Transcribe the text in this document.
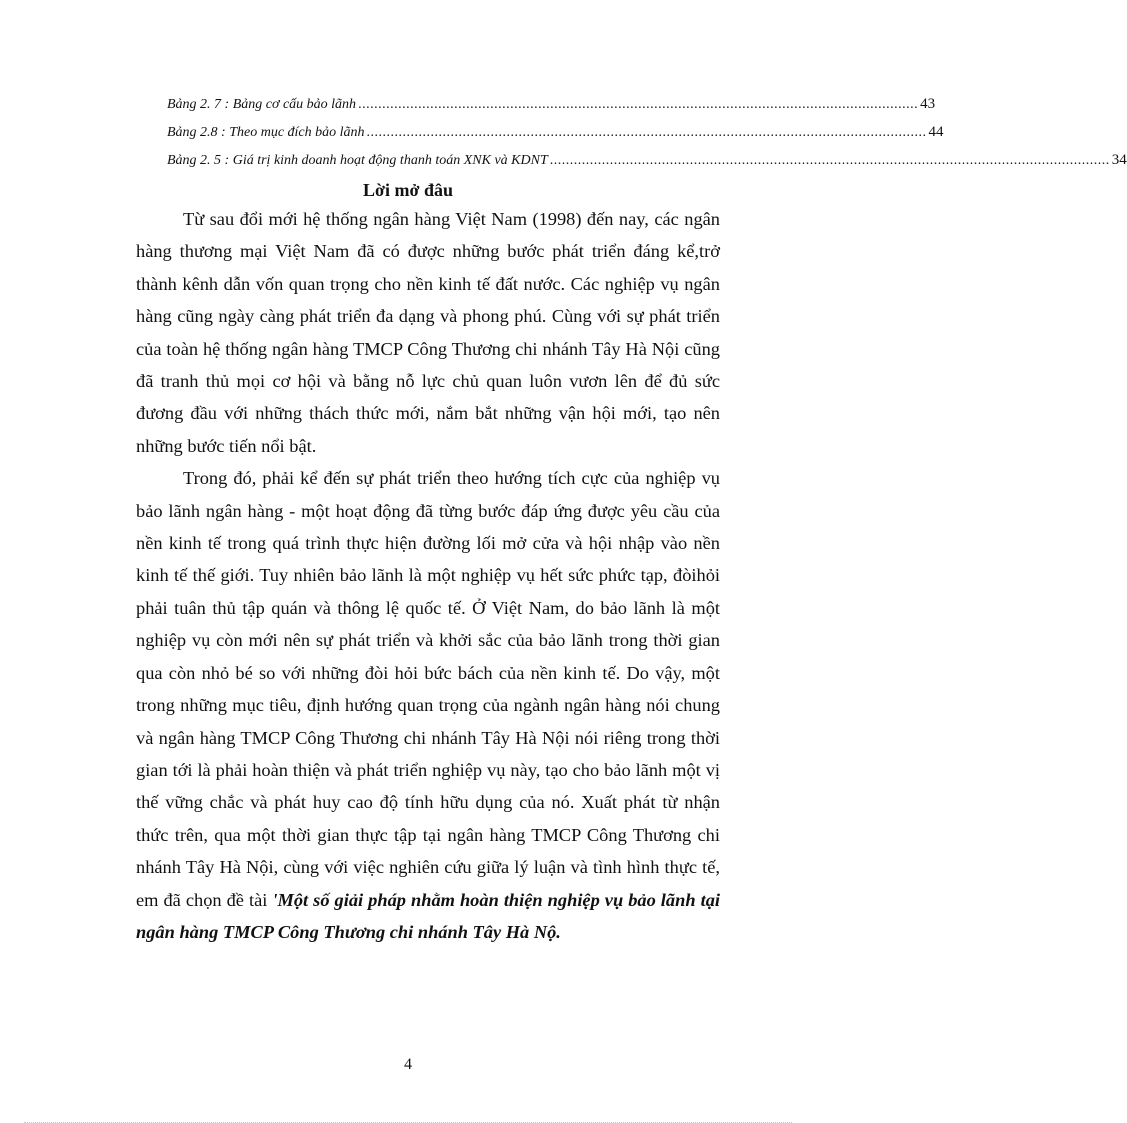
Bảng 2. 7 : Bảng cơ cấu bảo lãnh ............................................................................................................................................ 43
Bảng 2.8 : Theo mục đích bảo lãnh ............................................................................................................................................ 44
Bảng 2. 5 : Giá trị kinh doanh hoạt động thanh toán XNK và KDNT ............................................................................................................................................ 34
Lời mở đâu

Từ sau đổi mới hệ thống ngân hàng Việt Nam (1998) đến nay, các ngân hàng thương mại Việt Nam đã có được những bước phát triển đáng kể,trở thành kênh dẫn vốn quan trọng cho nền kinh tế đất nước. Các nghiệp vụ ngân hàng cũng ngày càng phát triển đa dạng và phong phú. Cùng với sự phát triển của toàn hệ thống ngân hàng TMCP Công Thương chi nhánh Tây Hà Nội cũng đã tranh thủ mọi cơ hội và bằng nỗ lực chủ quan luôn vươn lên để đủ sức đương đầu với những thách thức mới, nắm bắt những vận hội mới, tạo nên những bước tiến nổi bật.

Trong đó, phải kể đến sự phát triển theo hướng tích cực của nghiệp vụ bảo lãnh ngân hàng - một hoạt động đã từng bước đáp ứng được yêu cầu của nền kinh tế trong quá trình thực hiện đường lối mở cửa và hội nhập vào nền kinh tế thế giới. Tuy nhiên bảo lãnh là một nghiệp vụ hết sức phức tạp, đòihỏi phải tuân thủ tập quán và thông lệ quốc tế. Ở Việt Nam, do bảo lãnh là một nghiệp vụ còn mới nên sự phát triển và khởi sắc của bảo lãnh trong thời gian qua còn nhỏ bé so với những đòi hỏi bức bách của nền kinh tế. Do vậy, một trong những mục tiêu, định hướng quan trọng của ngành ngân hàng nói chung và ngân hàng TMCP Công Thương chi nhánh Tây Hà Nội nói riêng trong thời gian tới là phải hoàn thiện và phát triển nghiệp vụ này, tạo cho bảo lãnh một vị thế vững chắc và phát huy cao độ tính hữu dụng của nó. Xuất phát từ nhận thức trên, qua một thời gian thực tập tại ngân hàng TMCP Công Thương chi nhánh Tây Hà Nội, cùng với việc nghiên cứu giữa lý luận và tình hình thực tế, em đã chọn đề tài 'Một số giải pháp nhằm hoàn thiện nghiệp vụ bảo lãnh tại ngân hàng TMCP Công Thương chi nhánh Tây Hà Nộ.

4
